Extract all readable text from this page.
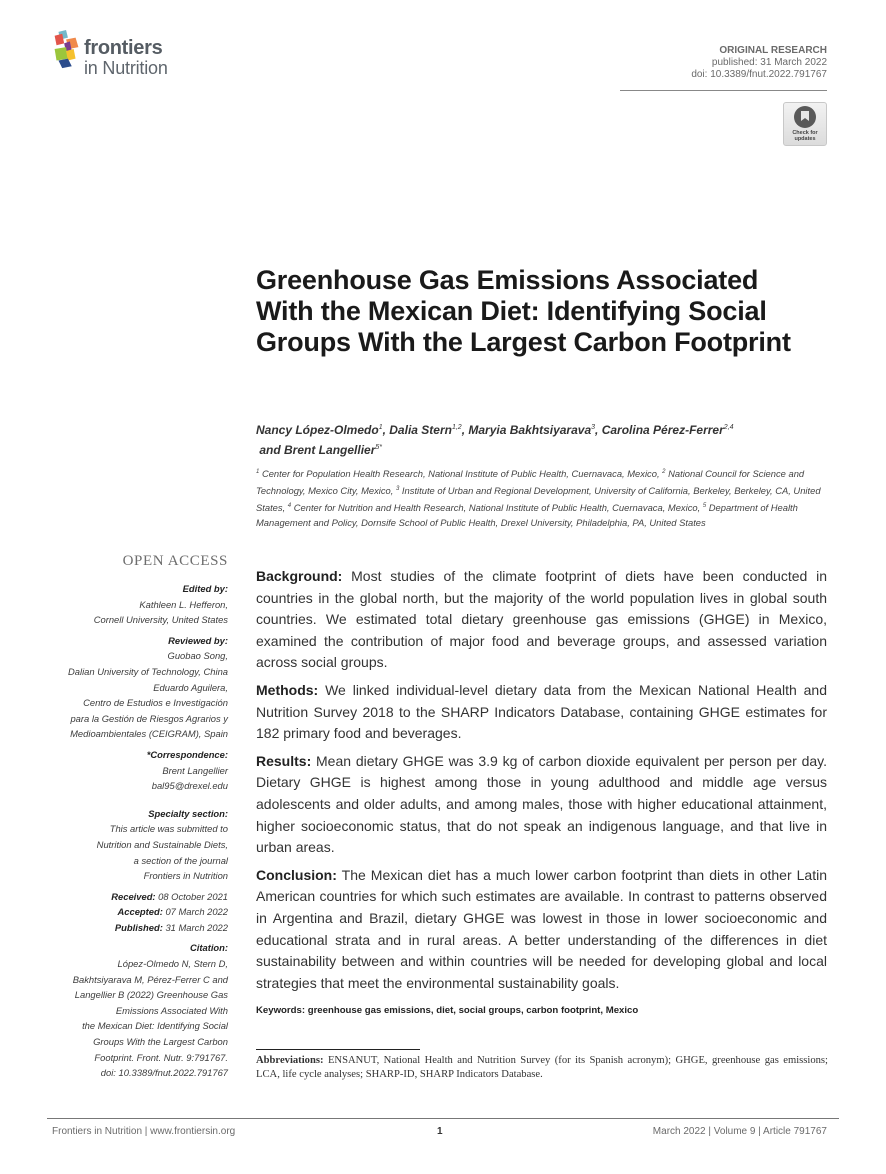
frontiers
in Nutrition
ORIGINAL RESEARCH
published: 31 March 2022
doi: 10.3389/fnut.2022.791767
Check for
updates
Greenhouse Gas Emissions Associated With the Mexican Diet: Identifying Social Groups With the Largest Carbon Footprint
Nancy López-Olmedo$^1$, Dalia Stern$^{1,2}$, Maryia Bakhtsiyarava$^3$, Carolina Pérez-Ferrer$^{2,4}$
and Brent Langellier$^{5*}$
$^1$ Center for Population Health Research, National Institute of Public Health, Cuernavaca, Mexico, $^2$ National Council for Science and Technology, Mexico City, Mexico, $^3$ Institute of Urban and Regional Development, University of California, Berkeley, Berkeley, CA, United States, $^4$ Center for Nutrition and Health Research, National Institute of Public Health, Cuernavaca, Mexico, $^5$ Department of Health Management and Policy, Dornsife School of Public Health, Drexel University, Philadelphia, PA, United States
OPEN ACCESS
Edited by:
Kathleen L. Hefferon,
Cornell University, United States
Reviewed by:
Guobao Song,
Dalian University of Technology, China
Eduardo Aguilera,
Centro de Estudios e Investigación
para la Gestión de Riesgos Agrarios y
Medioambientales (CEIGRAM), Spain
*Correspondence:
Brent Langellier
bal95@drexel.edu
Specialty section:
This article was submitted to
Nutrition and Sustainable Diets,
a section of the journal
Frontiers in Nutrition
Received: 08 October 2021
Accepted: 07 March 2022
Published: 31 March 2022
Citation:
López-Olmedo N, Stern D,
Bakhtsiyarava M, Pérez-Ferrer C and
Langellier B (2022) Greenhouse Gas
Emissions Associated With
the Mexican Diet: Identifying Social
Groups With the Largest Carbon
Footprint. Front. Nutr. 9:791767.
doi: 10.3389/fnut.2022.791767

Background: Most studies of the climate footprint of diets have been conducted in countries in the global north, but the majority of the world population lives in global south countries. We estimated total dietary greenhouse gas emissions (GHGE) in Mexico, examined the contribution of major food and beverage groups, and assessed variation across social groups.

Methods: We linked individual-level dietary data from the Mexican National Health and Nutrition Survey 2018 to the SHARP Indicators Database, containing GHGE estimates for 182 primary food and beverages.

Results: Mean dietary GHGE was 3.9 kg of carbon dioxide equivalent per person per day. Dietary GHGE is highest among those in young adulthood and middle age versus adolescents and older adults, and among males, those with higher educational attainment, higher socioeconomic status, that do not speak an indigenous language, and that live in urban areas.

Conclusion: The Mexican diet has a much lower carbon footprint than diets in other Latin American countries for which such estimates are available. In contrast to patterns observed in Argentina and Brazil, dietary GHGE was lowest in those in lower socioeconomic and educational strata and in rural areas. A better understanding of the differences in diet sustainability between and within countries will be needed for developing global and local strategies that meet the environmental sustainability goals.

Keywords: greenhouse gas emissions, diet, social groups, carbon footprint, Mexico
Abbreviations: ENSANUT, National Health and Nutrition Survey (for its Spanish acronym); GHGE, greenhouse gas emissions; LCA, life cycle analyses; SHARP-ID, SHARP Indicators Database.
Frontiers in Nutrition | www.frontiersin.org	1	March 2022 | Volume 9 | Article 791767
